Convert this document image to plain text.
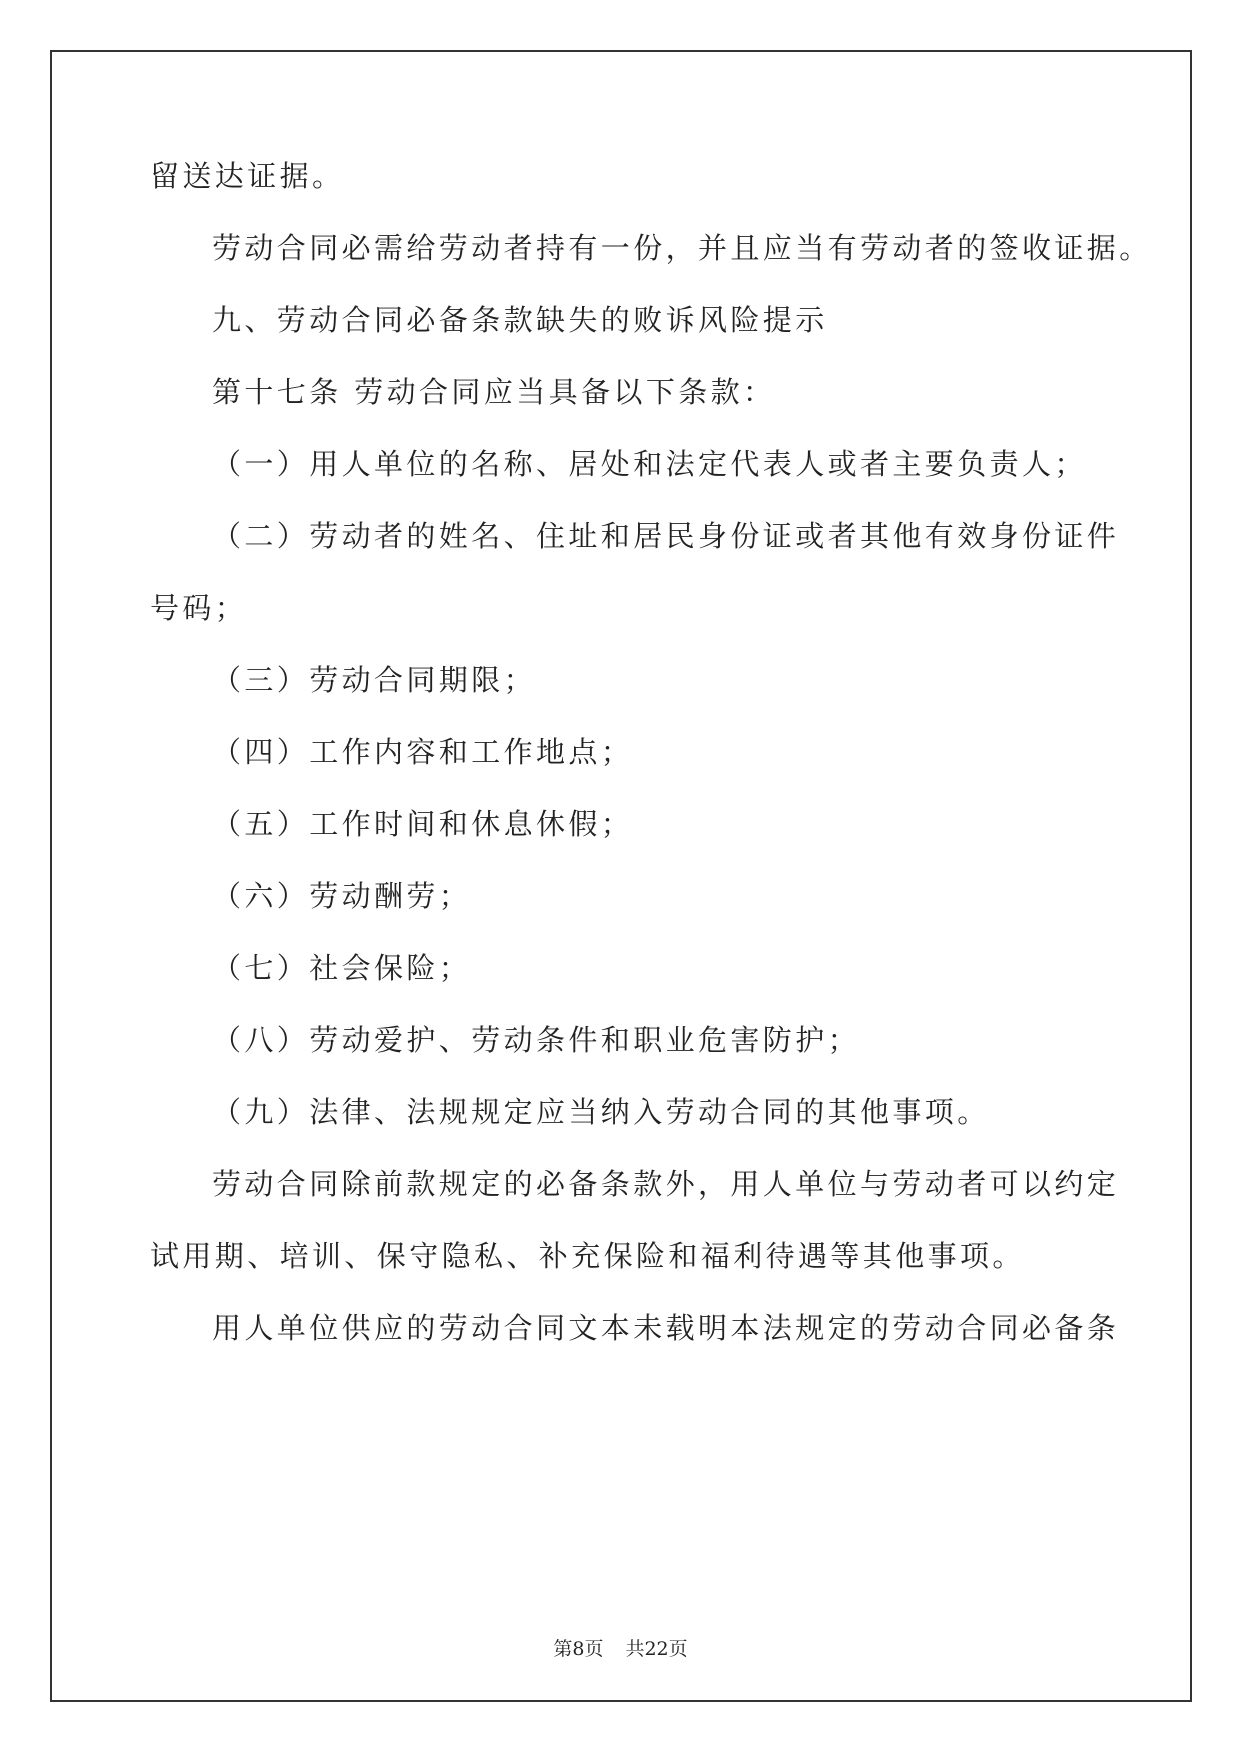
留送达证据。
劳动合同必需给劳动者持有一份，并且应当有劳动者的签收证据。
九、劳动合同必备条款缺失的败诉风险提示
第十七条 劳动合同应当具备以下条款：
（一）用人单位的名称、居处和法定代表人或者主要负责人；
（二）劳动者的姓名、住址和居民身份证或者其他有效身份证件
号码；
（三）劳动合同期限；
（四）工作内容和工作地点；
（五）工作时间和休息休假；
（六）劳动酬劳；
（七）社会保险；
（八）劳动爱护、劳动条件和职业危害防护；
（九）法律、法规规定应当纳入劳动合同的其他事项。
劳动合同除前款规定的必备条款外，用人单位与劳动者可以约定
试用期、培训、保守隐私、补充保险和福利待遇等其他事项。
用人单位供应的劳动合同文本未载明本法规定的劳动合同必备条
第8页 共22页
